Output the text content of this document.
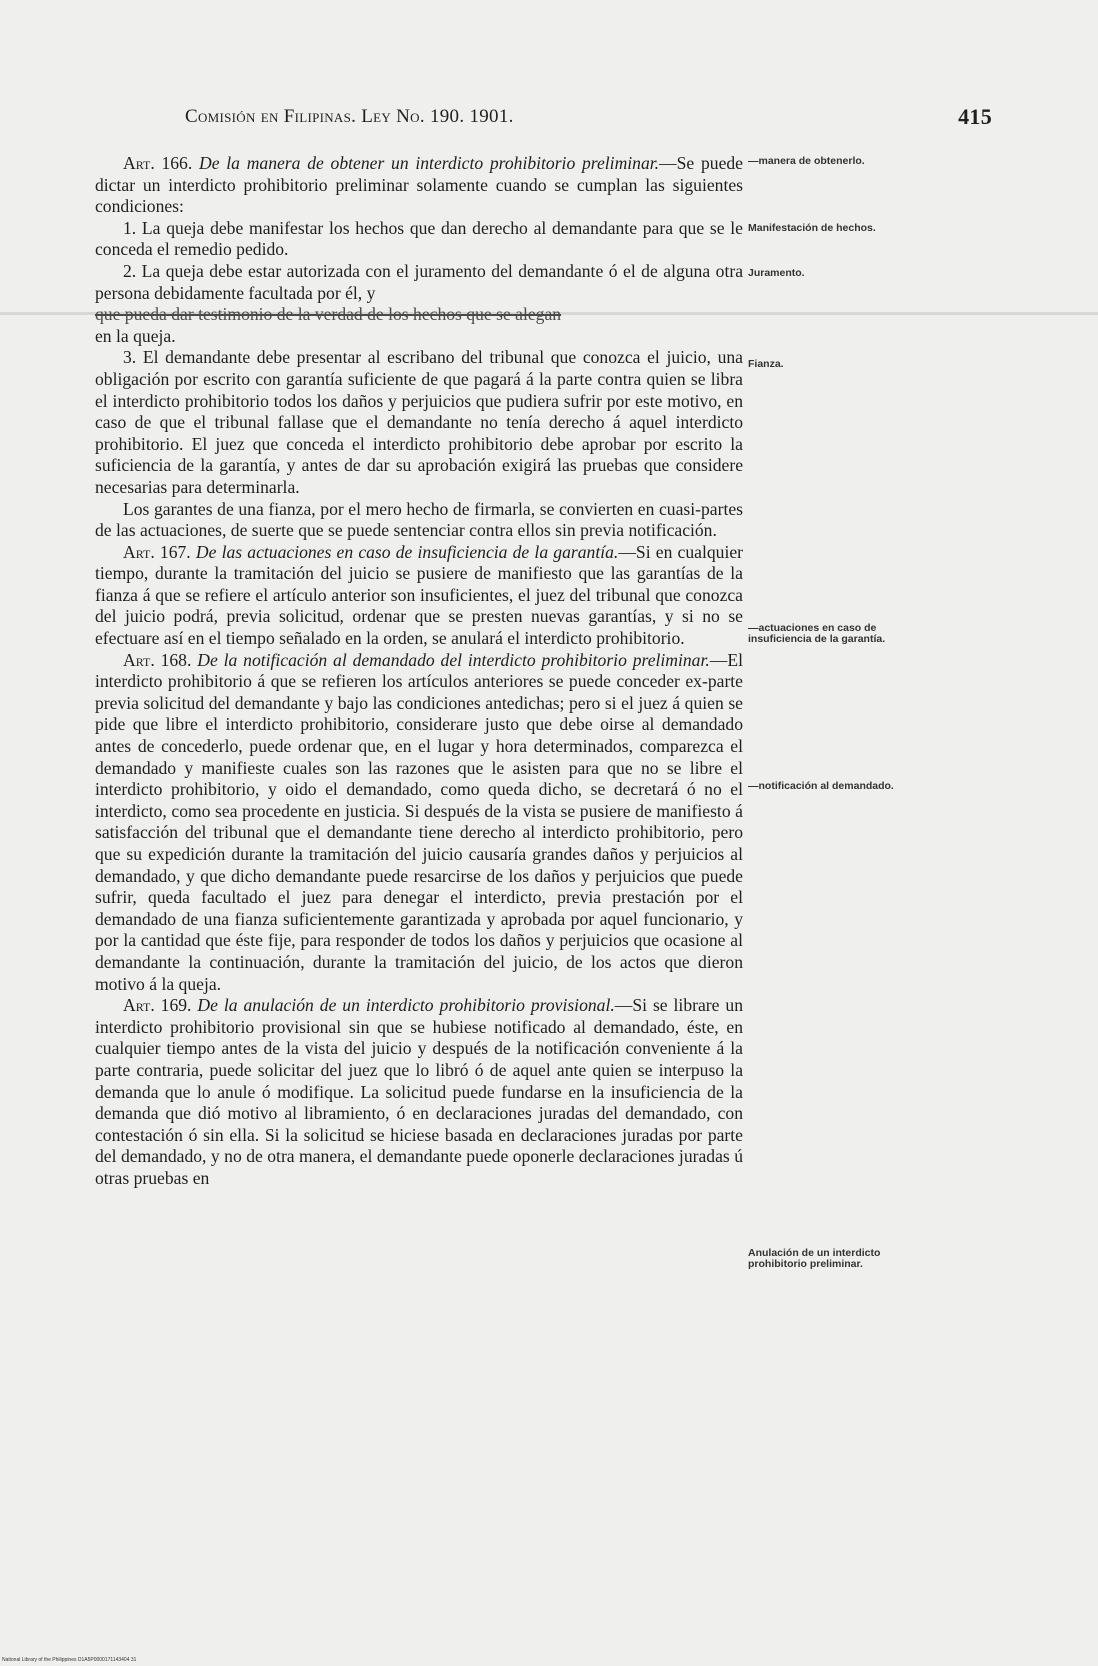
Comisión en Filipinas. Ley No. 190. 1901.	415

Art. 166. De la manera de obtener un interdicto prohibitorio preliminar.—Se puede dictar un interdicto prohibitorio preliminar solamente cuando se cumplan las siguientes condiciones:

1. La queja debe manifestar los hechos que dan derecho al demandante para que se le conceda el remedio pedido.

2. La queja debe estar autorizada con el juramento del demandante ó el de alguna otra persona debidamente facultada por él, y

que pueda dar testimonio de la verdad de los hechos que se alegan

en la queja.

3. El demandante debe presentar al escribano del tribunal que conozca el juicio, una obligación por escrito con garantía suficiente de que pagará á la parte contra quien se libra el interdicto prohibitorio todos los daños y perjuicios que pudiera sufrir por este motivo, en caso de que el tribunal fallase que el demandante no tenía derecho á aquel interdicto prohibitorio. El juez que conceda el interdicto prohibitorio debe aprobar por escrito la suficiencia de la garantía, y antes de dar su aprobación exigirá las pruebas que considere necesarias para determinarla.

Los garantes de una fianza, por el mero hecho de firmarla, se convierten en cuasi-partes de las actuaciones, de suerte que se puede sentenciar contra ellos sin previa notificación.

Art. 167. De las actuaciones en caso de insuficiencia de la garantía.—Si en cualquier tiempo, durante la tramitación del juicio se pusiere de manifiesto que las garantías de la fianza á que se refiere el artículo anterior son insuficientes, el juez del tribunal que conozca del juicio podrá, previa solicitud, ordenar que se presten nuevas garantías, y si no se efectuare así en el tiempo señalado en la orden, se anulará el interdicto prohibitorio.

Art. 168. De la notificación al demandado del interdicto prohibitorio preliminar.—El interdicto prohibitorio á que se refieren los artículos anteriores se puede conceder ex-parte previa solicitud del demandante y bajo las condiciones antedichas; pero si el juez á quien se pide que libre el interdicto prohibitorio, considerare justo que debe oirse al demandado antes de concederlo, puede ordenar que, en el lugar y hora determinados, comparezca el demandado y manifieste cuales son las razones que le asisten para que no se libre el interdicto prohibitorio, y oido el demandado, como queda dicho, se decretará ó no el interdicto, como sea procedente en justicia. Si después de la vista se pusiere de manifiesto á satisfacción del tribunal que el demandante tiene derecho al interdicto prohibitorio, pero que su expedición durante la tramitación del juicio causaría grandes daños y perjuicios al demandado, y que dicho demandante puede resarcirse de los daños y perjuicios que puede sufrir, queda facultado el juez para denegar el interdicto, previa prestación por el demandado de una fianza suficientemente garantizada y aprobada por aquel funcionario, y por la cantidad que éste fije, para responder de todos los daños y perjuicios que ocasione al demandante la continuación, durante la tramitación del juicio, de los actos que dieron motivo á la queja.

Art. 169. De la anulación de un interdicto prohibitorio provisional.—Si se librare un interdicto prohibitorio provisional sin que se hubiese notificado al demandado, éste, en cualquier tiempo antes de la vista del juicio y después de la notificación conveniente á la parte contraria, puede solicitar del juez que lo libró ó de aquel ante quien se interpuso la demanda que lo anule ó modifique. La solicitud puede fundarse en la insuficiencia de la demanda que dió motivo al libramiento, ó en declaraciones juradas del demandado, con contestación ó sin ella. Si la solicitud se hiciese basada en declaraciones juradas por parte del demandado, y no de otra manera, el demandante puede oponerle declaraciones juradas ú otras pruebas en

—manera de obtenerlo.
Manifestación de hechos.
Juramento.
Fianza.
—actuaciones en caso de insuficiencia de la garantía.
—notificación al demandado.
Anulación de un interdicto prohibitorio preliminar.
National Library of the Philippines D1A5P0000171143404 31
